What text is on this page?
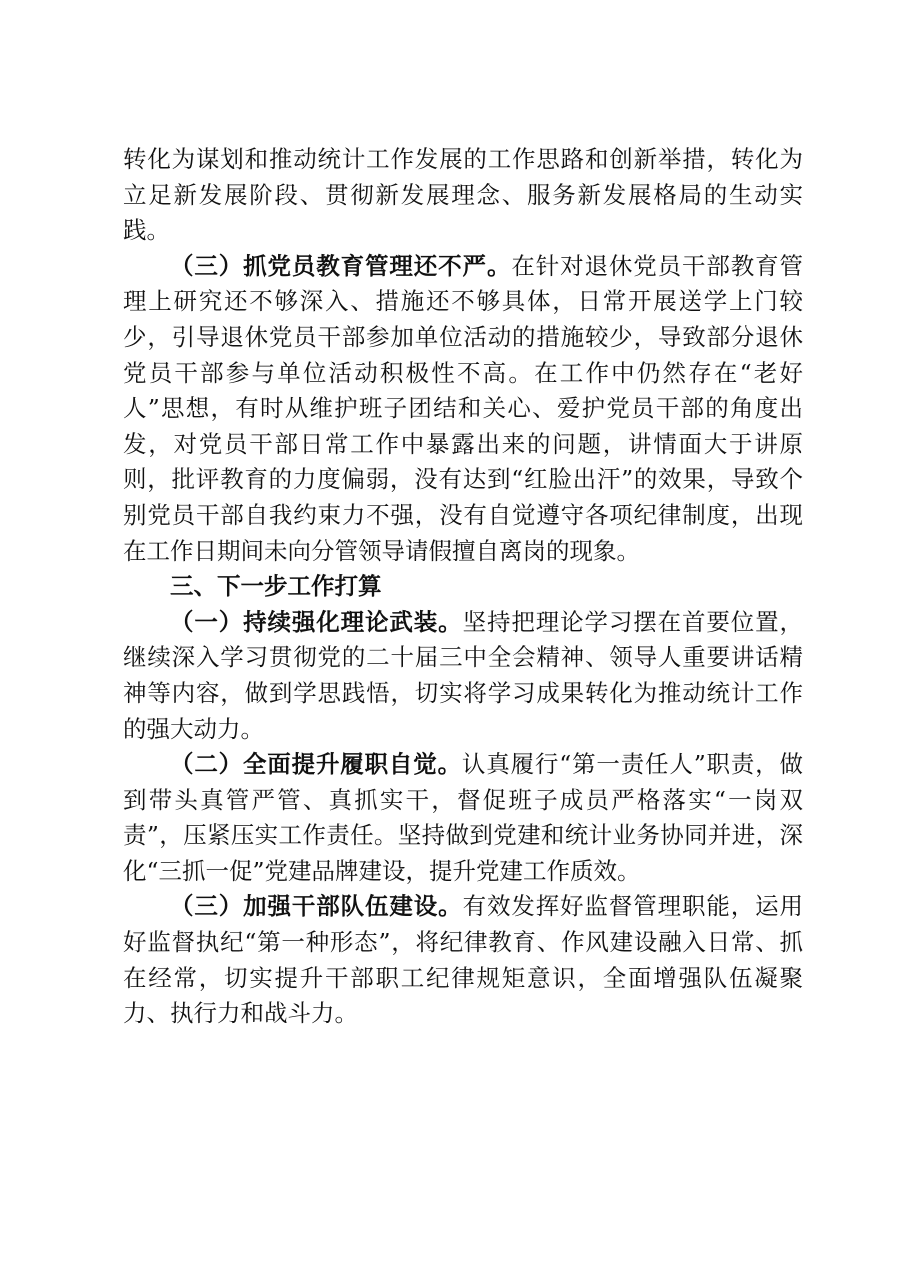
转化为谋划和推动统计工作发展的工作思路和创新举措，转化为立足新发展阶段、贯彻新发展理念、服务新发展格局的生动实践。

（三）抓党员教育管理还不严。在针对退休党员干部教育管理上研究还不够深入、措施还不够具体，日常开展送学上门较少，引导退休党员干部参加单位活动的措施较少，导致部分退休党员干部参与单位活动积极性不高。在工作中仍然存在“老好人”思想，有时从维护班子团结和关心、爱护党员干部的角度出发，对党员干部日常工作中暴露出来的问题，讲情面大于讲原则，批评教育的力度偏弱，没有达到“红脸出汗”的效果，导致个别党员干部自我约束力不强，没有自觉遵守各项纪律制度，出现在工作日期间未向分管领导请假擅自离岗的现象。

三、下一步工作打算

（一）持续强化理论武装。坚持把理论学习摆在首要位置，继续深入学习贯彻党的二十届三中全会精神、领导人重要讲话精神等内容，做到学思践悟，切实将学习成果转化为推动统计工作的强大动力。

（二）全面提升履职自觉。认真履行“第一责任人”职责，做到带头真管严管、真抓实干，督促班子成员严格落实“一岗双责”，压紧压实工作责任。坚持做到党建和统计业务协同并进，深化“三抓一促”党建品牌建设，提升党建工作质效。

（三）加强干部队伍建设。有效发挥好监督管理职能，运用好监督执纪“第一种形态”，将纪律教育、作风建设融入日常、抓在经常，切实提升干部职工纪律规矩意识，全面增强队伍凝聚力、执行力和战斗力。
